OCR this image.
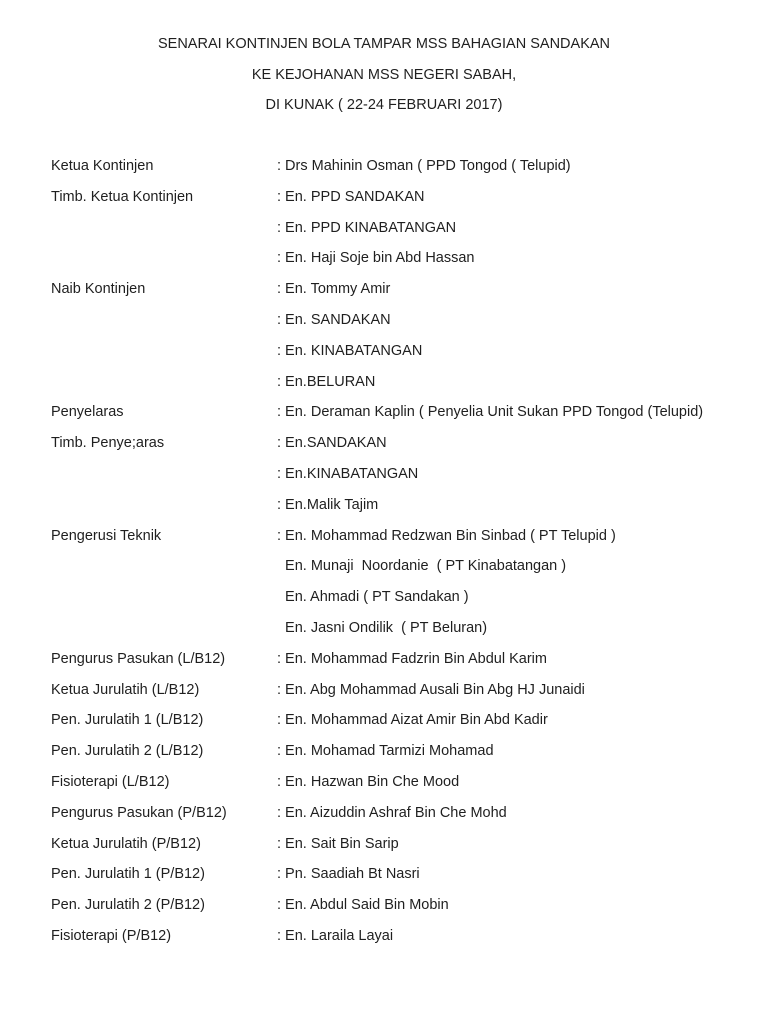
SENARAI KONTINJEN BOLA TAMPAR MSS BAHAGIAN SANDAKAN
KE KEJOHANAN MSS NEGERI SABAH,
DI KUNAK ( 22-24 FEBRUARI 2017)
Ketua Kontinjen	: Drs Mahinin Osman ( PPD Tongod ( Telupid)
Timb. Ketua Kontinjen	: En. PPD SANDAKAN
: En. PPD KINABATANGAN
: En. Haji Soje bin Abd Hassan
Naib Kontinjen	: En. Tommy Amir
: En. SANDAKAN
: En. KINABATANGAN
: En.BELURAN
Penyelaras	: En. Deraman Kaplin ( Penyelia Unit Sukan PPD Tongod (Telupid)
Timb. Penye;aras	: En.SANDAKAN
: En.KINABATANGAN
: En.Malik Tajim
Pengerusi Teknik	: En. Mohammad Redzwan Bin Sinbad ( PT Telupid )
En. Munaji  Noordanie  ( PT Kinabatangan )
En. Ahmadi ( PT Sandakan )
En. Jasni Ondilik  ( PT Beluran)
Pengurus Pasukan (L/B12)	: En. Mohammad Fadzrin Bin Abdul Karim
Ketua Jurulatih (L/B12)	: En. Abg Mohammad Ausali Bin Abg HJ Junaidi
Pen. Jurulatih 1 (L/B12)	: En. Mohammad Aizat Amir Bin Abd Kadir
Pen. Jurulatih 2 (L/B12)	: En. Mohamad Tarmizi Mohamad
Fisioterapi (L/B12)	: En. Hazwan Bin Che Mood
Pengurus Pasukan (P/B12)	: En. Aizuddin Ashraf Bin Che Mohd
Ketua Jurulatih (P/B12)	: En. Sait Bin Sarip
Pen. Jurulatih 1 (P/B12)	: Pn. Saadiah Bt Nasri
Pen. Jurulatih 2 (P/B12)	: En. Abdul Said Bin Mobin
Fisioterapi (P/B12)	: En. Laraila Layai
